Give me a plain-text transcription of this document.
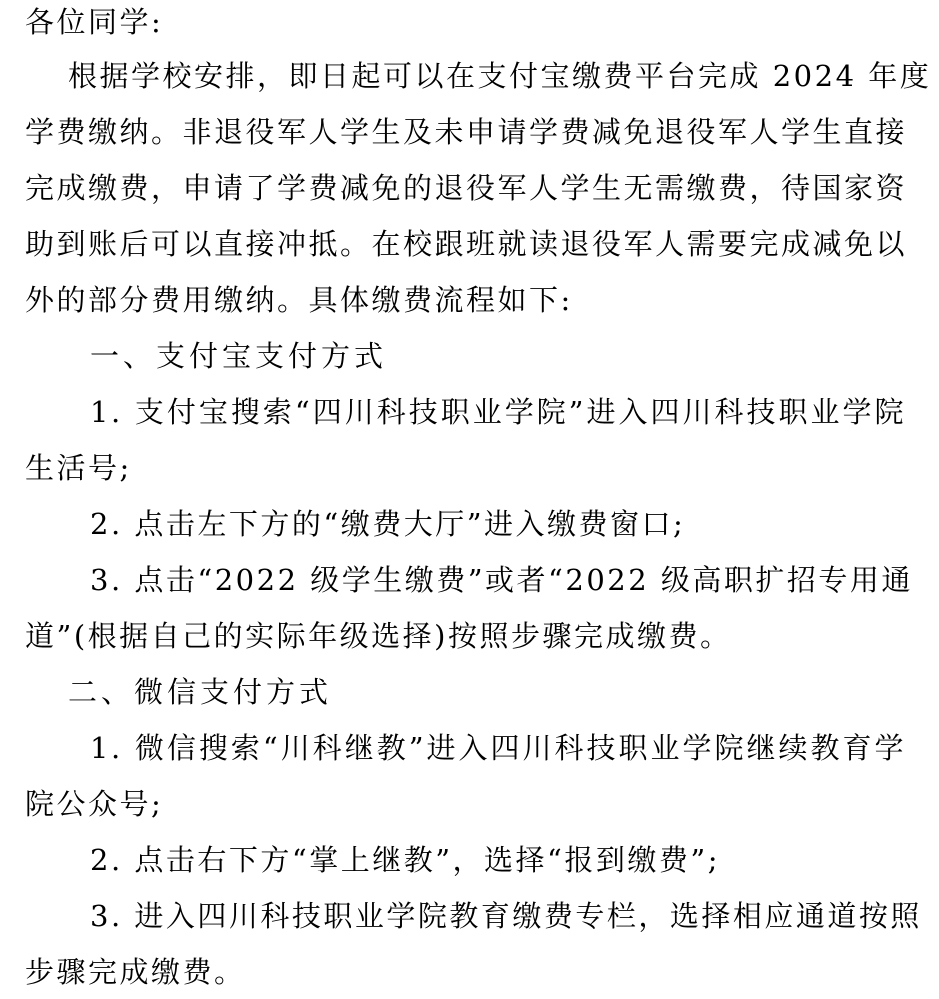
各位同学:
根据学校安排，即日起可以在支付宝缴费平台完成 2024 年度
学费缴纳。非退役军人学生及未申请学费减免退役军人学生直接
完成缴费，申请了学费减免的退役军人学生无需缴费，待国家资
助到账后可以直接冲抵。在校跟班就读退役军人需要完成减免以
外的部分费用缴纳。具体缴费流程如下:
一、支付宝支付方式
1. 支付宝搜索“四川科技职业学院”进入四川科技职业学院
生活号;
2. 点击左下方的“缴费大厅”进入缴费窗口;
3. 点击“2022 级学生缴费”或者“2022 级高职扩招专用通
道”(根据自己的实际年级选择)按照步骤完成缴费。
二、微信支付方式
1. 微信搜索“川科继教”进入四川科技职业学院继续教育学
院公众号;
2. 点击右下方“掌上继教”，选择“报到缴费”;
3. 进入四川科技职业学院教育缴费专栏，选择相应通道按照
步骤完成缴费。
